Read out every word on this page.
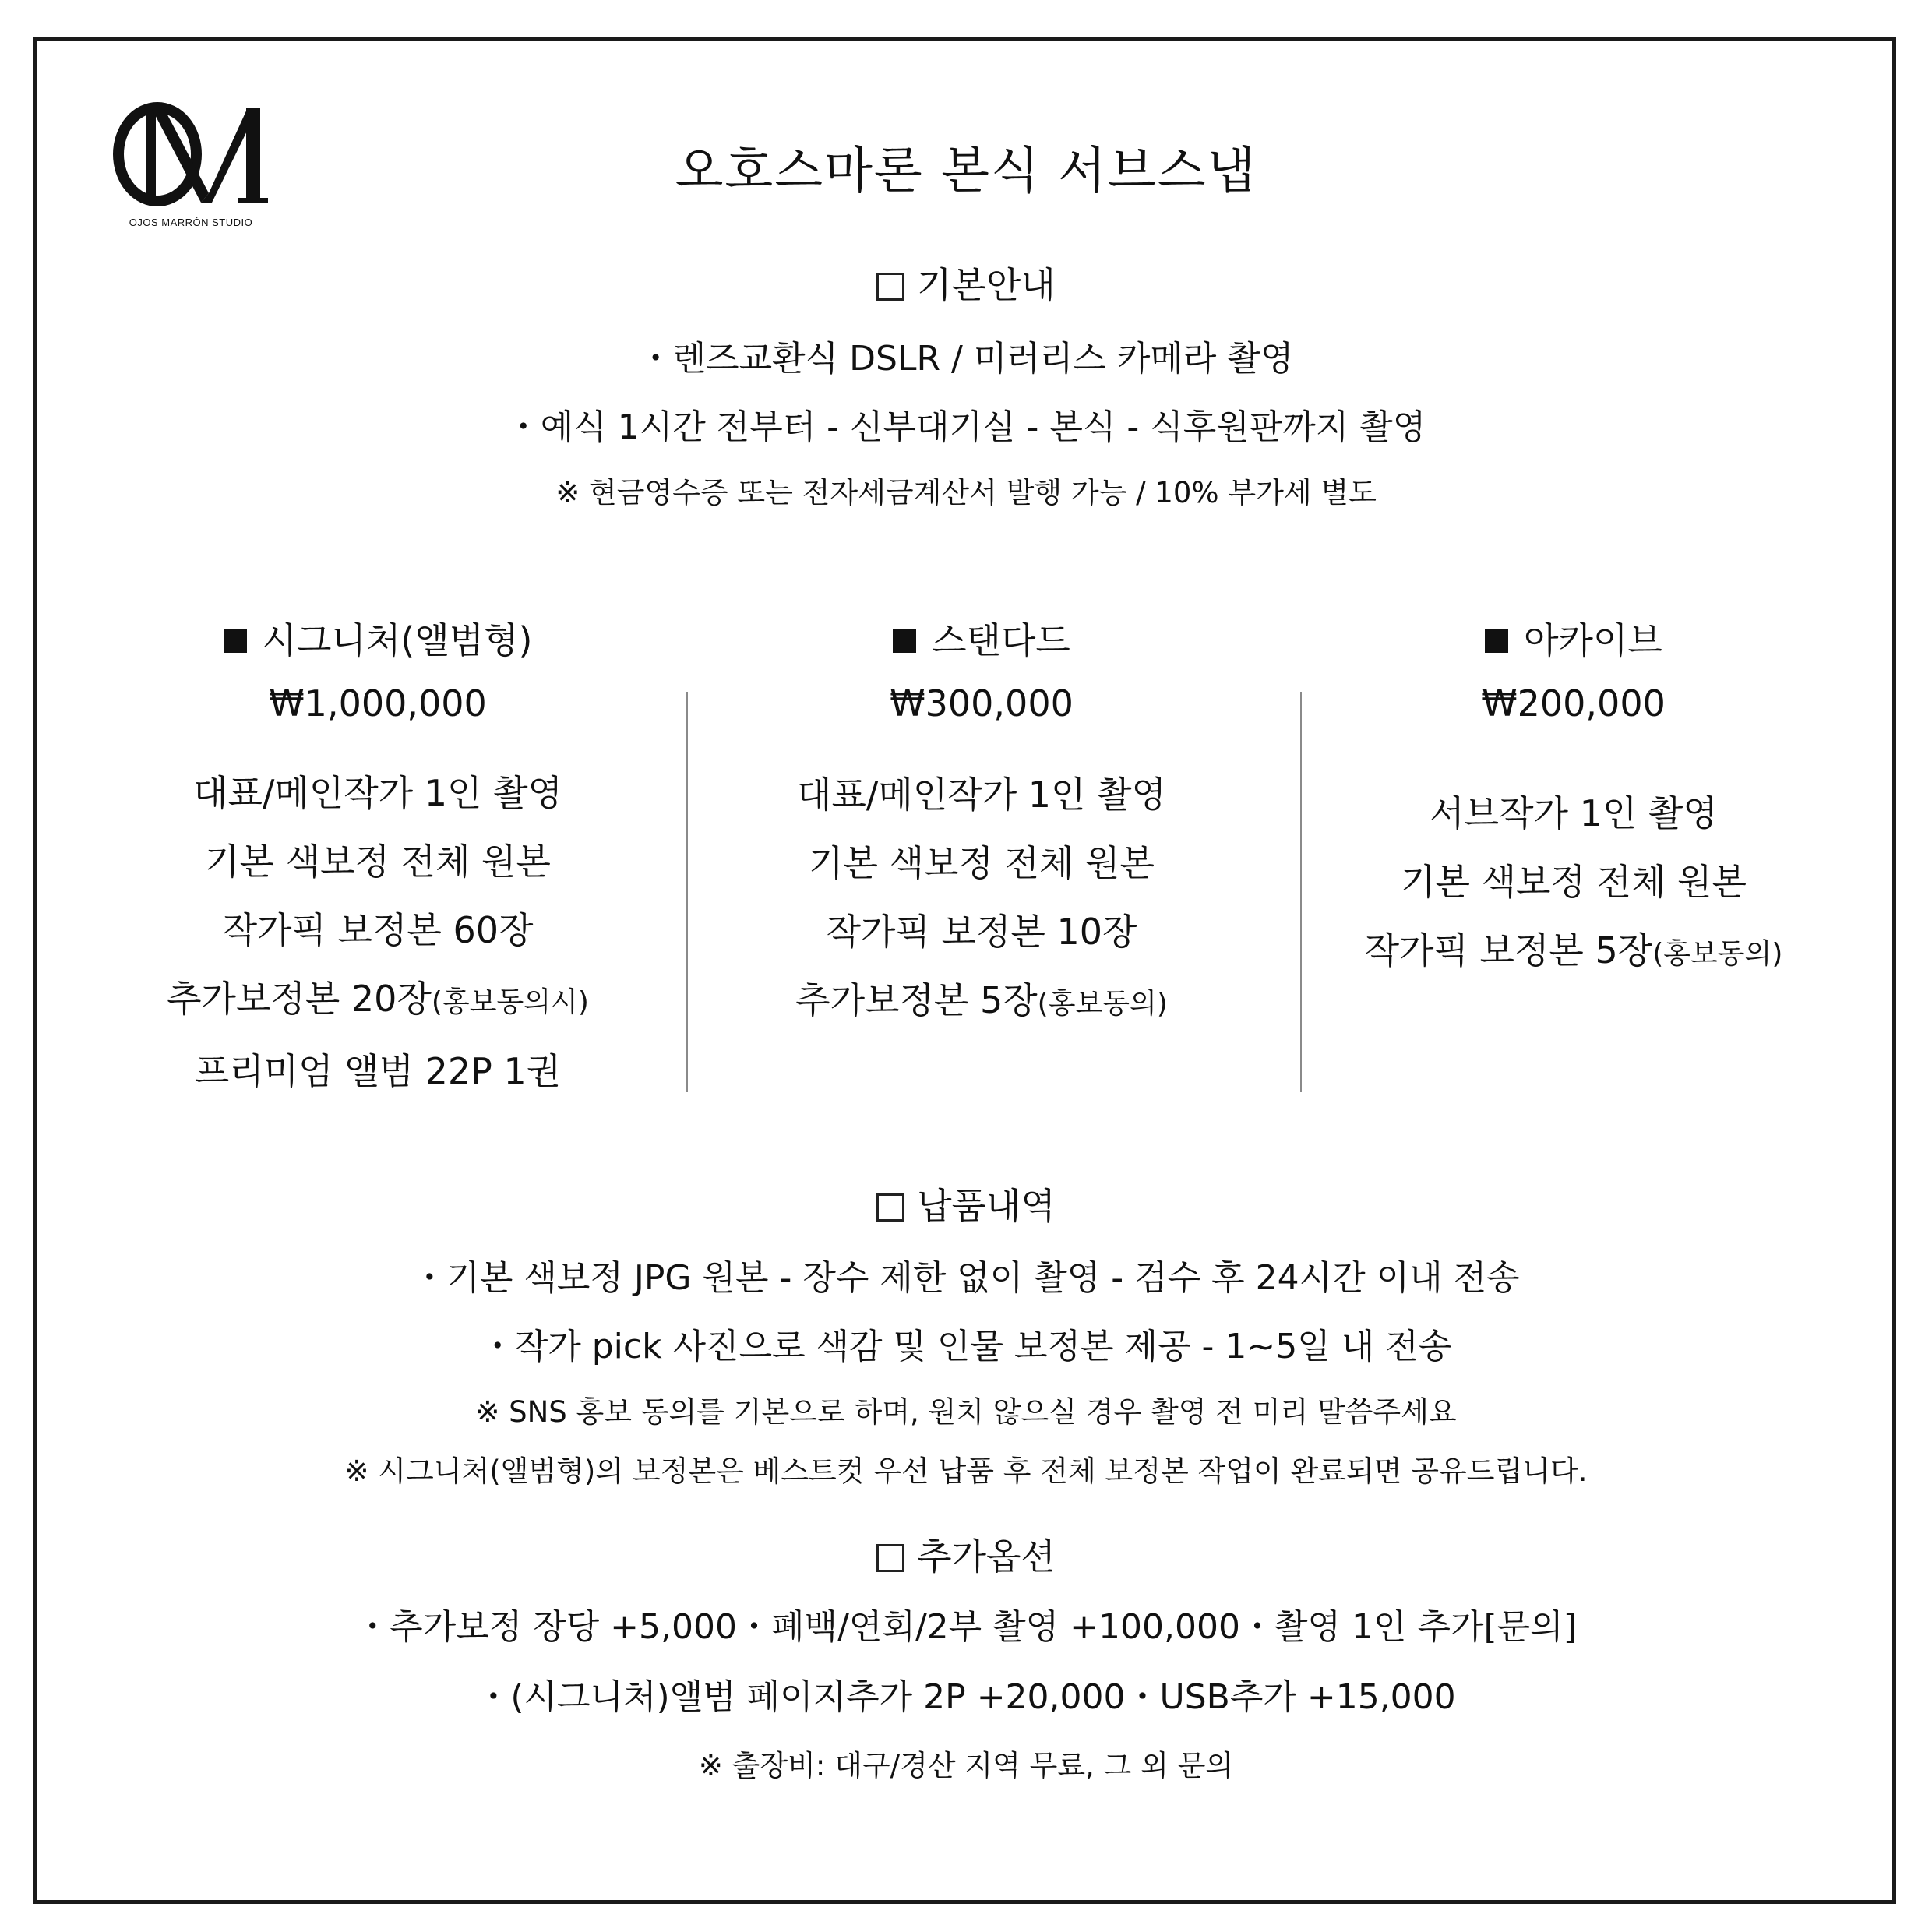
OJOS MARRÓN STUDIO
오호스마론 본식 서브스냅
기본안내
・렌즈교환식 DSLR / 미러리스 카메라 촬영
・예식 1시간 전부터 - 신부대기실 - 본식 - 식후원판까지 촬영
※ 현금영수증 또는 전자세금계산서 발행 가능 / 10% 부가세 별도
시그니처(앨범형)
₩1,000,000
대표/메인작가 1인 촬영
기본 색보정 전체 원본
작가픽 보정본 60장
추가보정본 20장(홍보동의시)
프리미엄 앨범 22P 1권
스탠다드
₩300,000
대표/메인작가 1인 촬영
기본 색보정 전체 원본
작가픽 보정본 10장
추가보정본 5장(홍보동의)
아카이브
₩200,000
서브작가 1인 촬영
기본 색보정 전체 원본
작가픽 보정본 5장(홍보동의)
납품내역
・기본 색보정 JPG 원본 - 장수 제한 없이 촬영 - 검수 후 24시간 이내 전송
・작가 pick 사진으로 색감 및 인물 보정본 제공 - 1~5일 내 전송
※ SNS 홍보 동의를 기본으로 하며, 원치 않으실 경우 촬영 전 미리 말씀주세요
※ 시그니처(앨범형)의 보정본은 베스트컷 우선 납품 후 전체 보정본 작업이 완료되면 공유드립니다.
추가옵션
・추가보정 장당 +5,000・폐백/연회/2부 촬영 +100,000・촬영 1인 추가[문의]
・(시그니처)앨범 페이지추가 2P +20,000・USB추가 +15,000
※ 출장비: 대구/경산 지역 무료, 그 외 문의
